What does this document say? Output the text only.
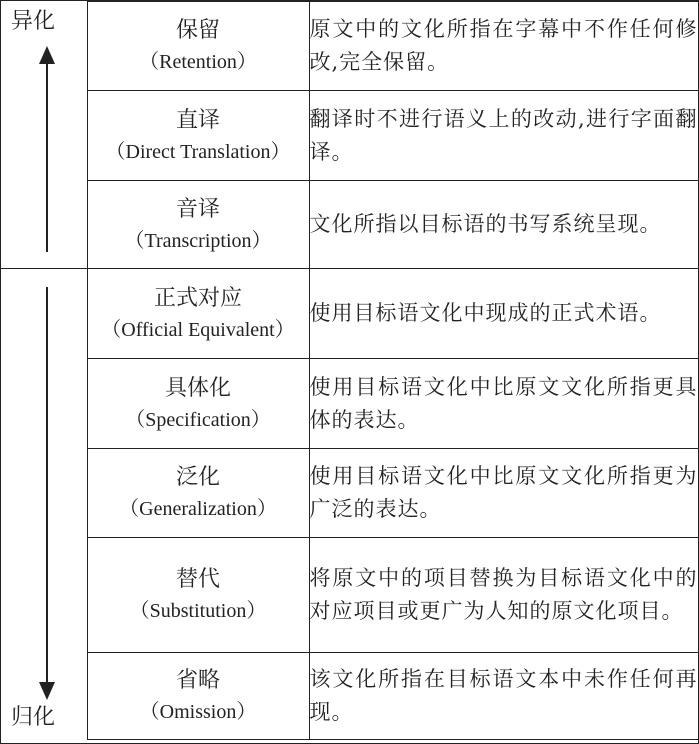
异化	保留
（Retention）	原文中的文化所指在字幕中不作任何修改,完全保留。

	直译
（Direct Translation）	翻译时不进行语义上的改动,进行字面翻译。

	音译
（Transcription）	文化所指以目标语的书写系统呈现。

归化	正式对应
（Official Equivalent）	使用目标语文化中现成的正式术语。

	具体化
（Specification）	使用目标语文化中比原文文化所指更具体的表达。

	泛化
（Generalization）	使用目标语文化中比原文文化所指更为广泛的表达。

	替代
（Substitution）	将原文中的项目替换为目标语文化中的对应项目或更广为人知的原文化项目。

	省略
（Omission）	该文化所指在目标语文本中未作任何再现。
